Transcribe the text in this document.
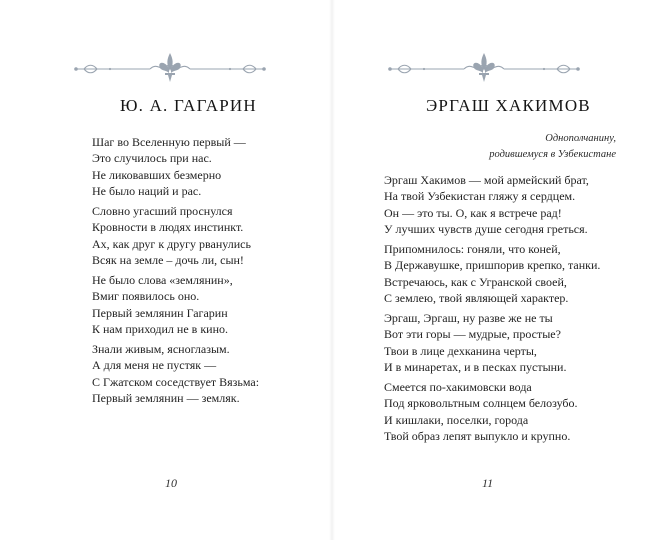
Ю. А. ГАГАРИН
Шаг во Вселенную первый —
Это случилось при нас.
Не ликовавших безмерно
Не было наций и рас.
Словно угасший проснулся
Кровности в людях инстинкт.
Ах, как друг к другу рванулись
Всяк на земле – дочь ли, сын!
Не было слова «землянин»,
Вмиг появилось оно.
Первый землянин Гагарин
К нам приходил не в кино.
Знали живым, ясноглазым.
А для меня не пустяк —
С Гжатском соседствует Вязьма:
Первый землянин — земляк.

10

ЭРГАШ ХАКИМОВ
Однополчанину,
родившемуся в Узбекистане
Эргаш Хакимов — мой армейский брат,
На твой Узбекистан гляжу я сердцем.
Он — это ты. О, как я встрече рад!
У лучших чувств душе сегодня греться.
Припомнилось: гоняли, что коней,
В Державушке, пришпорив крепко, танки.
Встречаюсь, как с Угранской своей,
С землею, твой являющей характер.
Эргаш, Эргаш, ну разве же не ты
Вот эти горы — мудрые, простые?
Твои в лице дехканина черты,
И в минаретах, и в песках пустыни.
Смеется по-хакимовски вода
Под ярковольтным солнцем белозубо.
И кишлаки, поселки, города
Твой образ лепят выпукло и крупно.

11
